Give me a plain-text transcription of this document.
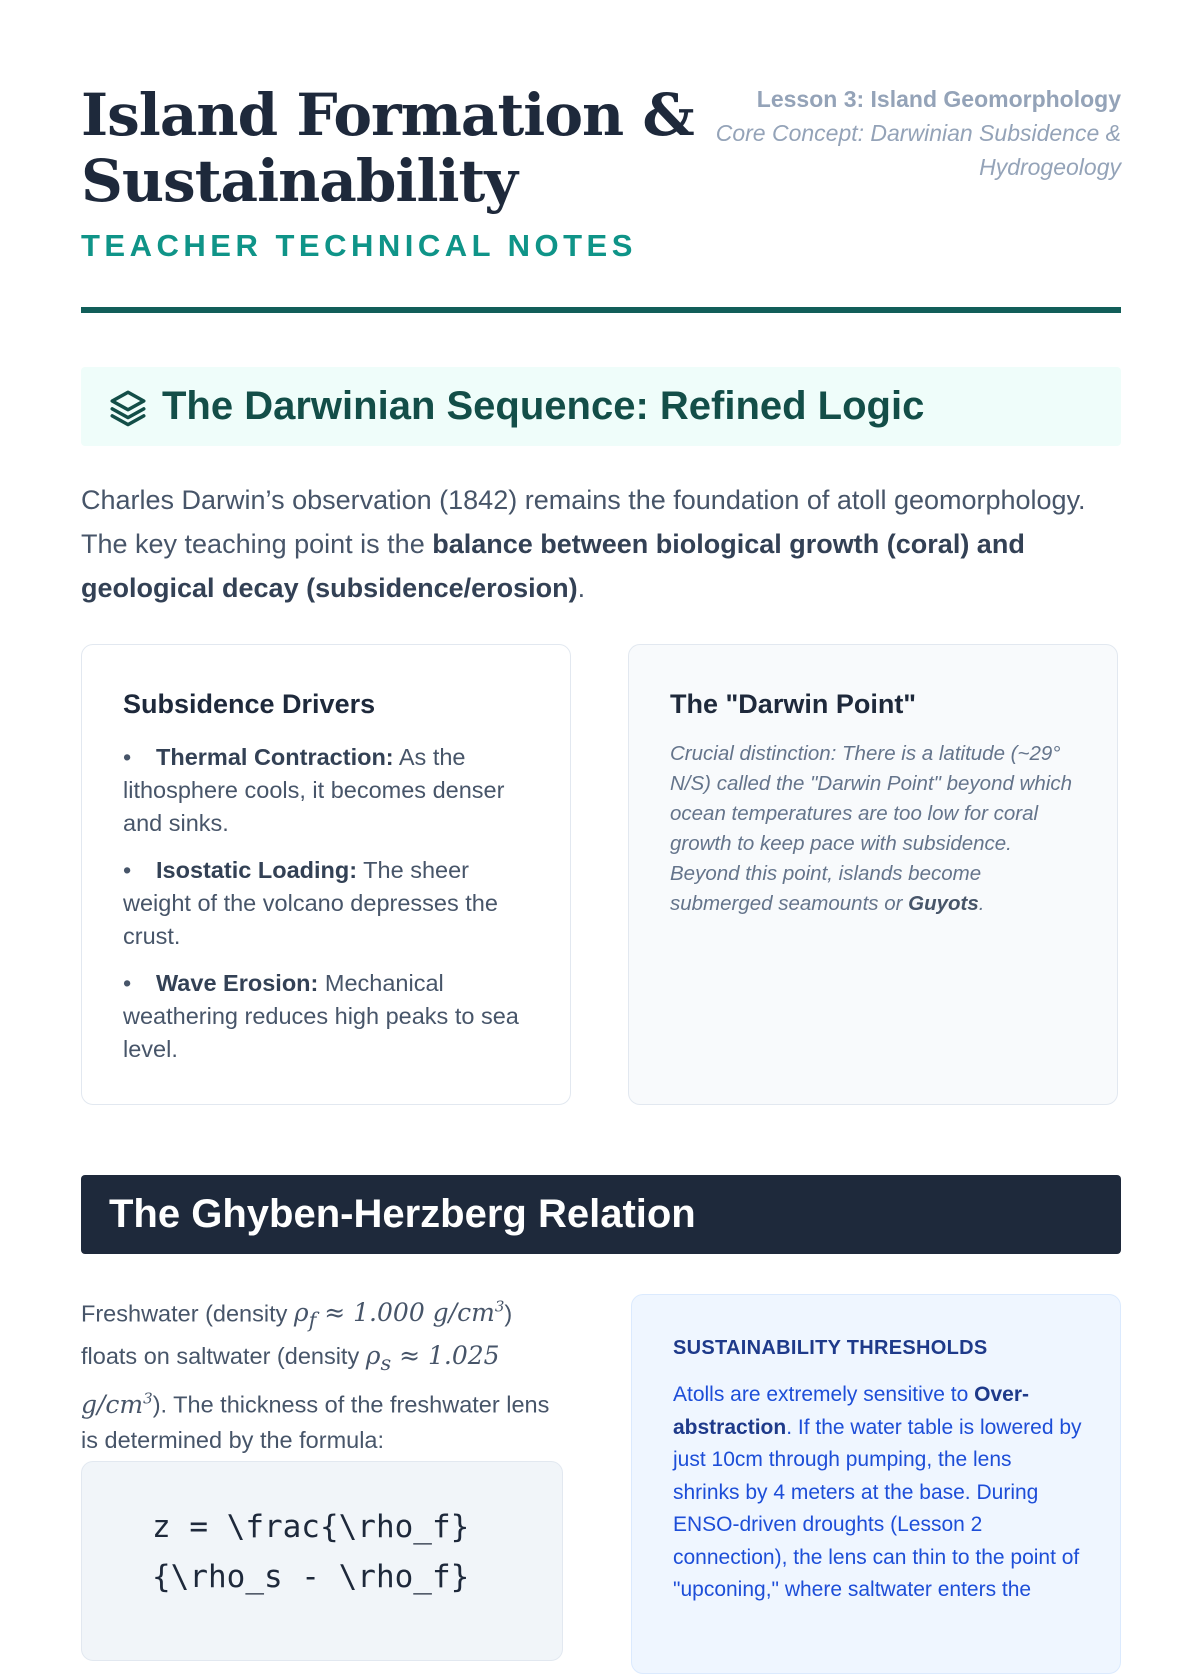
Island Formation & Sustainability
TEACHER TECHNICAL NOTES
Lesson 3: Island Geomorphology
Core Concept: Darwinian Subsidence & Hydrogeology
The Darwinian Sequence: Refined Logic

Charles Darwin’s observation (1842) remains the foundation of atoll geomorphology. The key teaching point is the balance between biological growth (coral) and geological decay (subsidence/erosion).

Subsidence Drivers
• Thermal Contraction: As the lithosphere cools, it becomes denser and sinks.
• Isostatic Loading: The sheer weight of the volcano depresses the crust.
• Wave Erosion: Mechanical weathering reduces high peaks to sea level.
The "Darwin Point"

Crucial distinction: There is a latitude (~29° N/S) called the "Darwin Point" beyond which ocean temperatures are too low for coral growth to keep pace with subsidence. Beyond this point, islands become submerged seamounts or Guyots.

The Ghyben-Herzberg Relation

Freshwater (density $\rho_f \approx 1.000$ $g/cm^3$) floats on saltwater (density $\rho_s \approx 1.025$ $g/cm^3$). The thickness of the freshwater lens is determined by the formula:

z = \frac{\rho_f}
{\rho_s - \rho_f}
SUSTAINABILITY THRESHOLDS

Atolls are extremely sensitive to Over-abstraction. If the water table is lowered by just 10cm through pumping, the lens shrinks by 4 meters at the base. During ENSO-driven droughts (Lesson 2 connection), the lens can thin to the point of "upconing," where saltwater enters the
